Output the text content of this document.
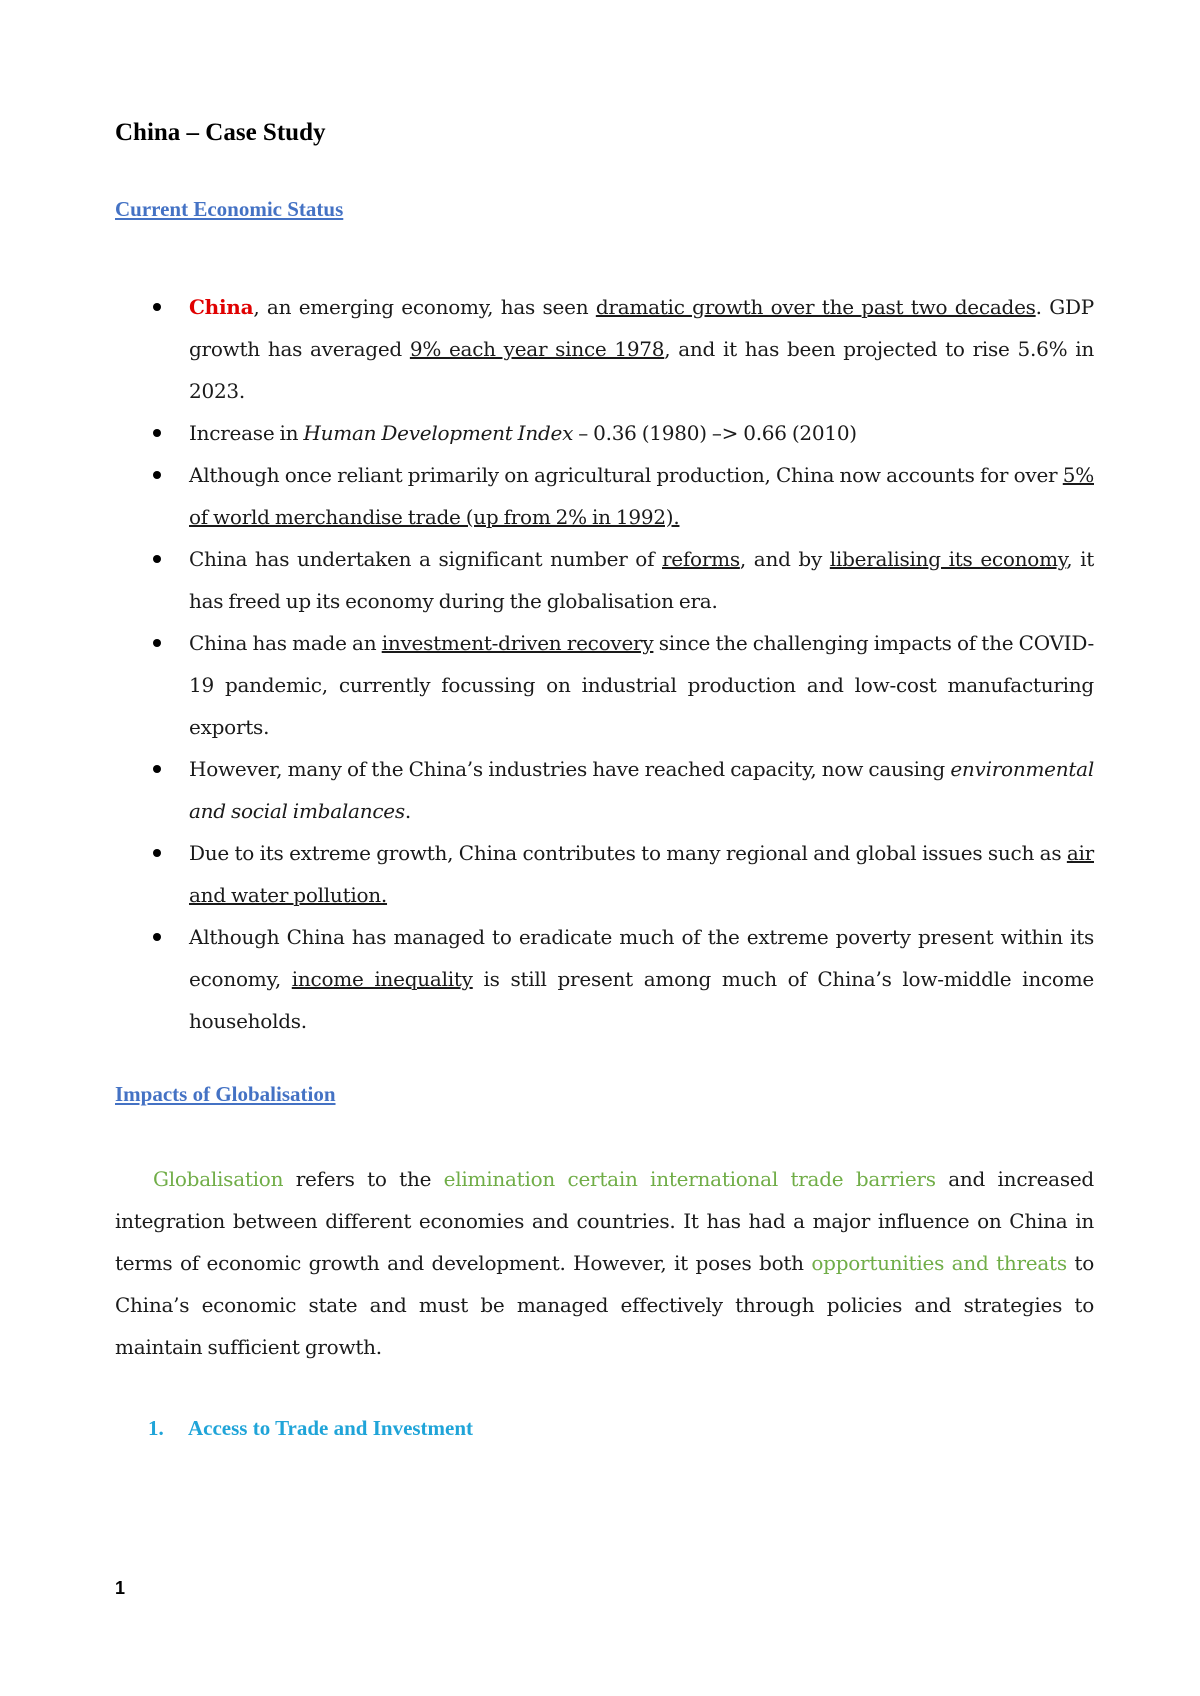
China – Case Study
Current Economic Status
China, an emerging economy, has seen dramatic growth over the past two decades. GDP growth has averaged 9% each year since 1978, and it has been projected to rise 5.6% in 2023.
Increase in Human Development Index – 0.36 (1980) –> 0.66 (2010)
Although once reliant primarily on agricultural production, China now accounts for over 5% of world merchandise trade (up from 2% in 1992).
China has undertaken a significant number of reforms, and by liberalising its economy, it has freed up its economy during the globalisation era.
China has made an investment-driven recovery since the challenging impacts of the COVID-19 pandemic, currently focussing on industrial production and low-cost manufacturing exports.
However, many of the China’s industries have reached capacity, now causing environmental and social imbalances.
Due to its extreme growth, China contributes to many regional and global issues such as air and water pollution.
Although China has managed to eradicate much of the extreme poverty present within its economy, income inequality is still present among much of China’s low-middle income households.
Impacts of Globalisation

Globalisation refers to the elimination certain international trade barriers and increased integration between different economies and countries. It has had a major influence on China in terms of economic growth and development. However, it poses both opportunities and threats to China’s economic state and must be managed effectively through policies and strategies to maintain sufficient growth.

1. Access to Trade and Investment
1
